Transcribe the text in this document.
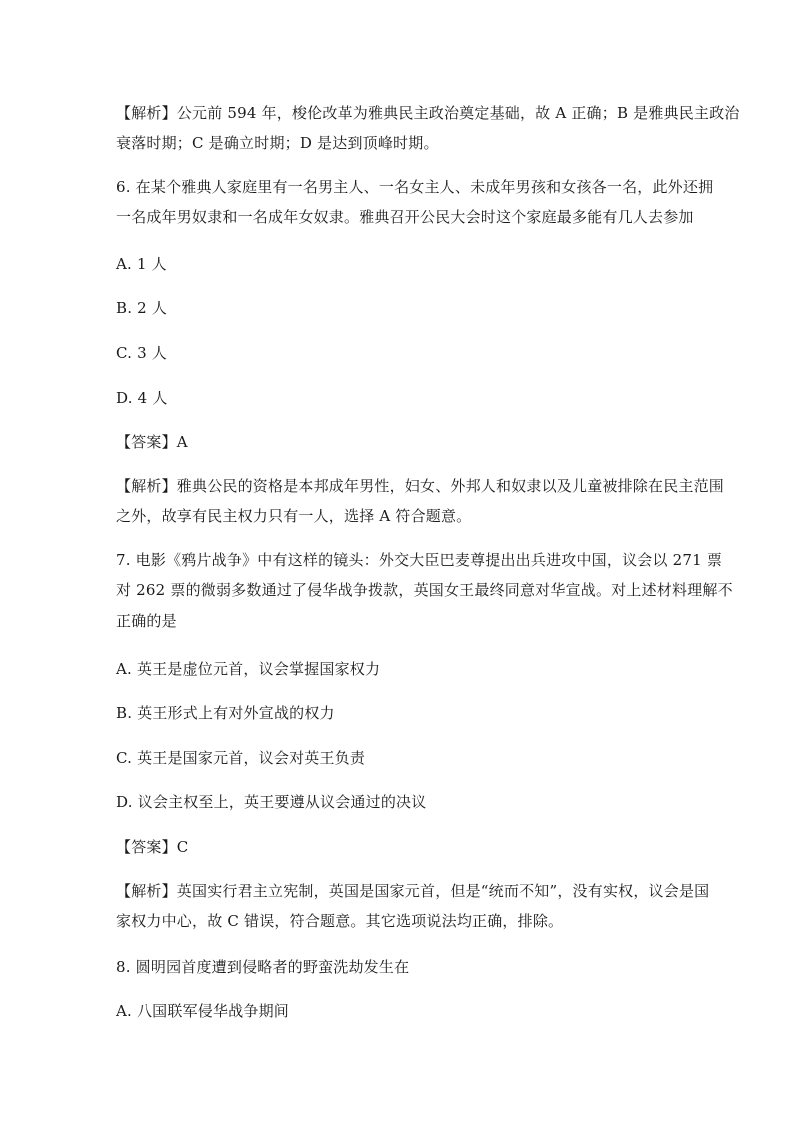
【解析】公元前 594 年，梭伦改革为雅典民主政治奠定基础，故 A 正确；B 是雅典民主政治
衰落时期；C 是确立时期；D 是达到顶峰时期。
6. 在某个雅典人家庭里有一名男主人、一名女主人、未成年男孩和女孩各一名，此外还拥
一名成年男奴隶和一名成年女奴隶。雅典召开公民大会时这个家庭最多能有几人去参加
A. 1 人
B. 2 人
C. 3 人
D. 4 人
【答案】A
【解析】雅典公民的资格是本邦成年男性，妇女、外邦人和奴隶以及儿童被排除在民主范围
之外，故享有民主权力只有一人，选择 A 符合题意。
7. 电影《鸦片战争》中有这样的镜头：外交大臣巴麦尊提出出兵进攻中国，议会以 271 票
对 262 票的微弱多数通过了侵华战争拨款，英国女王最终同意对华宣战。对上述材料理解不
正确的是
A. 英王是虚位元首，议会掌握国家权力
B. 英王形式上有对外宣战的权力
C. 英王是国家元首，议会对英王负责
D. 议会主权至上，英王要遵从议会通过的决议
【答案】C
【解析】英国实行君主立宪制，英国是国家元首，但是“统而不知”，没有实权，议会是国
家权力中心，故 C 错误，符合题意。其它选项说法均正确，排除。
8. 圆明园首度遭到侵略者的野蛮洗劫发生在
A. 八国联军侵华战争期间
